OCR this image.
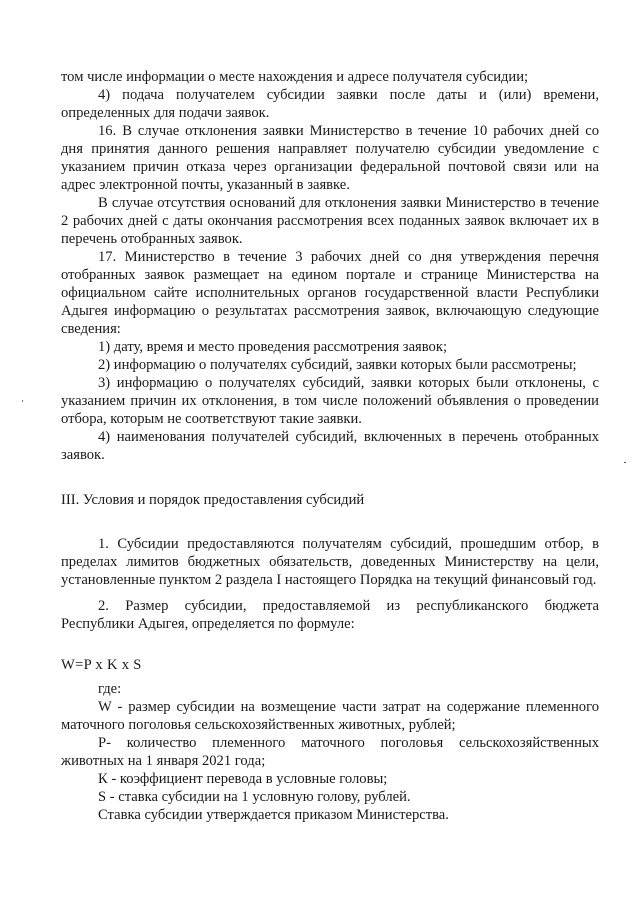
том числе информации о месте нахождения и адресе получателя субсидии;

4) подача получателем субсидии заявки после даты и (или) времени, определенных для подачи заявок.

16. В случае отклонения заявки Министерство в течение 10 рабочих дней со дня принятия данного решения направляет получателю субсидии уведомление с указанием причин отказа через организации федеральной почтовой связи или на адрес электронной почты, указанный в заявке.

В случае отсутствия оснований для отклонения заявки Министерство в течение 2 рабочих дней с даты окончания рассмотрения всех поданных заявок включает их в перечень отобранных заявок.

17. Министерство в течение 3 рабочих дней со дня утверждения перечня отобранных заявок размещает на едином портале и странице Министерства на официальном сайте исполнительных органов государственной власти Республики Адыгея информацию о результатах рассмотрения заявок, включающую следующие сведения:

1) дату, время и место проведения рассмотрения заявок;

2) информацию о получателях субсидий, заявки которых были рассмотрены;

3) информацию о получателях субсидий, заявки которых были отклонены, с указанием причин их отклонения, в том числе положений объявления о проведении отбора, которым не соответствуют такие заявки.

4) наименования получателей субсидий, включенных в перечень отобранных заявок.

III. Условия и порядок предоставления субсидий

1. Субсидии предоставляются получателям субсидий, прошедшим отбор, в пределах лимитов бюджетных обязательств, доведенных Министерству на цели, установленные пунктом 2 раздела I настоящего Порядка на текущий финансовый год.

2. Размер субсидии, предоставляемой из республиканского бюджета Республики Адыгея, определяется по формуле:

W=P x K x S

где:

W - размер субсидии на возмещение части затрат на содержание племенного маточного поголовья сельскохозяйственных животных, рублей;

P- количество племенного маточного поголовья сельскохозяйственных животных на 1 января 2021 года;

К - коэффициент перевода в условные головы;

S - ставка субсидии на 1 условную голову, рублей.

Ставка субсидии утверждается приказом Министерства.
